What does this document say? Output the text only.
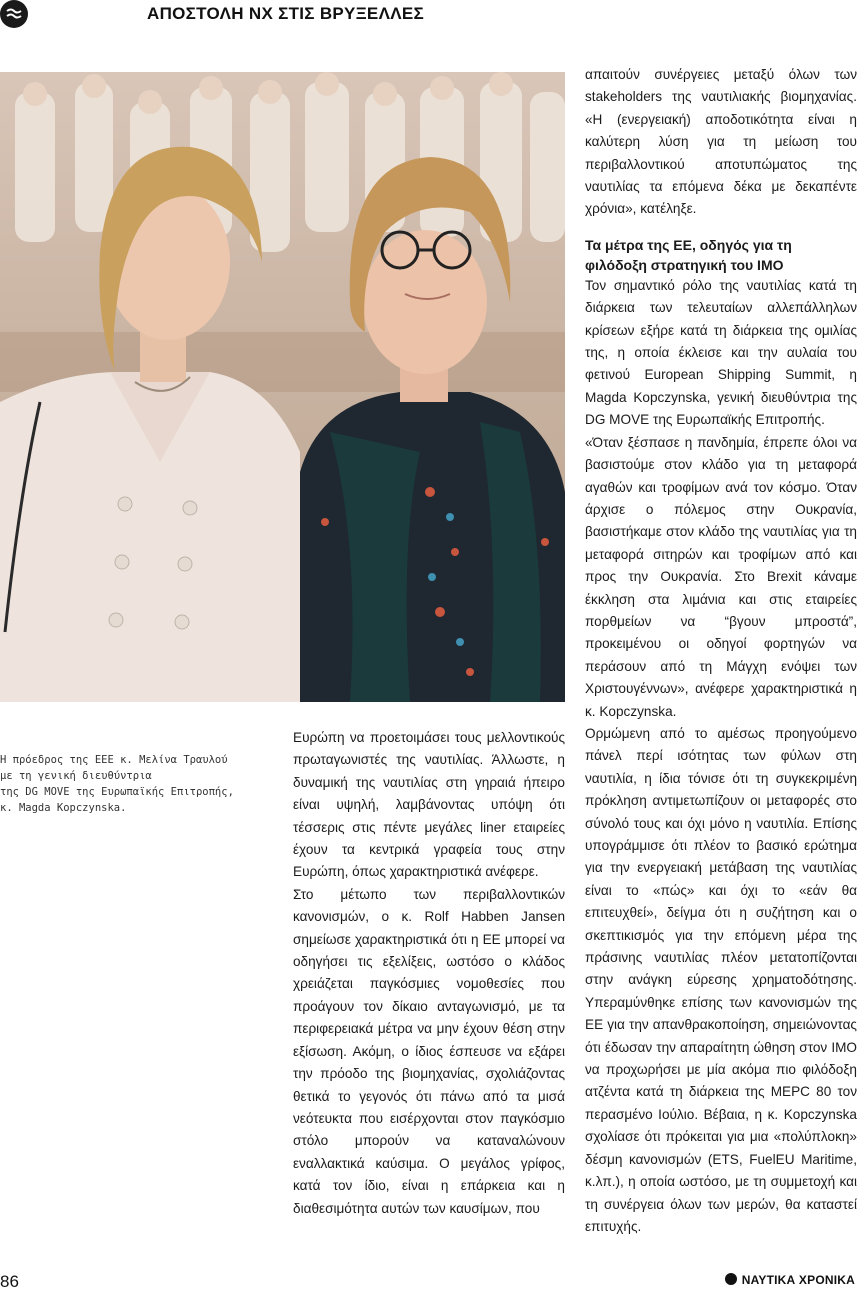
ΑΠΟΣΤΟΛΗ ΝΧ ΣΤΙΣ ΒΡΥΞΕΛΛΕΣ
Η πρόεδρος της ΕΕΕ κ. Μελίνα Τραυλού
με τη γενική διευθύντρια
της DG MOVE της Ευρωπαϊκής Επιτροπής,
κ. Magda Kopczynska.

Ευρώπη να προετοιμάσει τους μελλοντικούς πρωταγωνιστές της ναυτιλίας. Άλλωστε, η δυναμική της ναυτιλίας στη γηραιά ήπειρο είναι υψηλή, λαμβάνοντας υπόψη ότι τέσσερις στις πέντε μεγάλες liner εταιρείες έχουν τα κεντρικά γραφεία τους στην Ευρώπη, όπως χαρακτηριστικά ανέφερε.

Στο μέτωπο των περιβαλλοντικών κανονισμών, ο κ. Rolf Habben Jansen σημείωσε χαρακτηριστικά ότι η ΕΕ μπορεί να οδηγήσει τις εξελίξεις, ωστόσο ο κλάδος χρειάζεται παγκόσμιες νομοθεσίες που προάγουν τον δίκαιο ανταγωνισμό, με τα περιφερειακά μέτρα να μην έχουν θέση στην εξίσωση. Ακόμη, ο ίδιος έσπευσε να εξάρει την πρόοδο της βιομηχανίας, σχολιάζοντας θετικά το γεγονός ότι πάνω από τα μισά νεότευκτα που εισέρχονται στον παγκόσμιο στόλο μπορούν να καταναλώνουν εναλλακτικά καύσιμα. Ο μεγάλος γρίφος, κατά τον ίδιο, είναι η επάρκεια και η διαθεσιμότητα αυτών των καυσίμων, που

απαιτούν συνέργειες μεταξύ όλων των stakeholders της ναυτιλιακής βιομηχανίας. «Η (ενεργειακή) αποδοτικότητα είναι η καλύτερη λύση για τη μείωση του περιβαλλοντικού αποτυπώματος της ναυτιλίας τα επόμενα δέκα με δεκαπέντε χρόνια», κατέληξε.

Τα μέτρα της ΕΕ, οδηγός για τη φιλόδοξη στρατηγική του ΙΜΟ

Τον σημαντικό ρόλο της ναυτιλίας κατά τη διάρκεια των τελευταίων αλλεπάλληλων κρίσεων εξήρε κατά τη διάρκεια της ομιλίας της, η οποία έκλεισε και την αυλαία του φετινού European Shipping Summit, η Magda Kopczynska, γενική διευθύντρια της DG MOVE της Ευρωπαϊκής Επιτροπής.

«Όταν ξέσπασε η πανδημία, έπρεπε όλοι να βασιστούμε στον κλάδο για τη μεταφορά αγαθών και τροφίμων ανά τον κόσμο. Όταν άρχισε ο πόλεμος στην Ουκρανία, βασιστήκαμε στον κλάδο της ναυτιλίας για τη μεταφορά σιτηρών και τροφίμων από και προς την Ουκρανία. Στο Brexit κάναμε έκκληση στα λιμάνια και στις εταιρείες πορθμείων να “βγουν μπροστά”, προκειμένου οι οδηγοί φορτηγών να περάσουν από τη Μάγχη ενόψει των Χριστουγέννων», ανέφερε χαρακτηριστικά η κ. Kopczynska.

Ορμώμενη από το αμέσως προηγούμενο πάνελ περί ισότητας των φύλων στη ναυτιλία, η ίδια τόνισε ότι τη συγκεκριμένη πρόκληση αντιμετωπίζουν οι μεταφορές στο σύνολό τους και όχι μόνο η ναυτιλία. Επίσης υπογράμμισε ότι πλέον το βασικό ερώτημα για την ενεργειακή μετάβαση της ναυτιλίας είναι το «πώς» και όχι το «εάν θα επιτευχθεί», δείγμα ότι η συζήτηση και ο σκεπτικισμός για την επόμενη μέρα της πράσινης ναυτιλίας πλέον μετατοπίζονται στην ανάγκη εύρεσης χρηματοδότησης. Υπεραμύνθηκε επίσης των κανονισμών της ΕΕ για την απανθρακοποίηση, σημειώνοντας ότι έδωσαν την απαραίτητη ώθηση στον ΙΜΟ να προχωρήσει με μία ακόμα πιο φιλόδοξη ατζέντα κατά τη διάρκεια της MEPC 80 τον περασμένο Ιούλιο. Βέβαια, η κ. Kopczynska σχολίασε ότι πρόκειται για μια «πολύπλοκη» δέσμη κανονισμών (ETS, FuelEU Maritime, κ.λπ.), η οποία ωστόσο, με τη συμμετοχή και τη συνέργεια όλων των μερών, θα καταστεί επιτυχής.

86	ΝΑΥΤΙΚΑ ΧΡΟΝΙΚΑ
